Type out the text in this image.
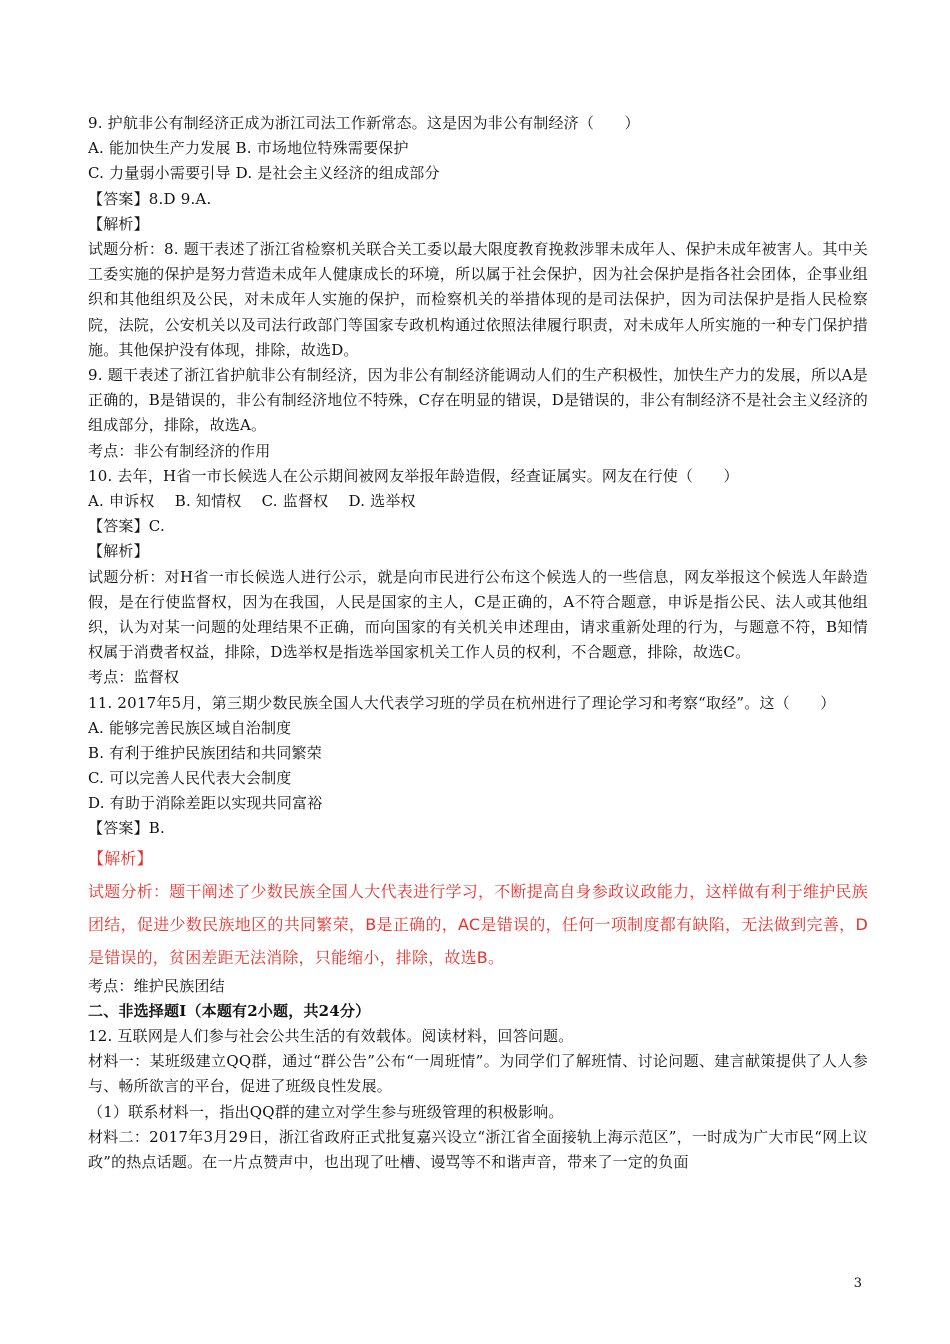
9. 护航非公有制经济正成为浙江司法工作新常态。这是因为非公有制经济（　　）
A. 能加快生产力发展 B. 市场地位特殊需要保护
C. 力量弱小需要引导 D. 是社会主义经济的组成部分
【答案】8.D 9.A.
【解析】
试题分析：8. 题干表述了浙江省检察机关联合关工委以最大限度教育挽救涉罪未成年人、保护未成年被害人。其中关工委实施的保护是努力营造未成年人健康成长的环境，所以属于社会保护，因为社会保护是指各社会团体，企事业组织和其他组织及公民，对未成年人实施的保护，而检察机关的举措体现的是司法保护，因为司法保护是指人民检察院，法院，公安机关以及司法行政部门等国家专政机构通过依照法律履行职责，对未成年人所实施的一种专门保护措施。其他保护没有体现，排除，故选D。
9. 题干表述了浙江省护航非公有制经济，因为非公有制经济能调动人们的生产积极性，加快生产力的发展，所以A是正确的，B是错误的，非公有制经济地位不特殊，C存在明显的错误，D是错误的，非公有制经济不是社会主义经济的组成部分，排除，故选A。
考点：非公有制经济的作用
10. 去年，H省一市长候选人在公示期间被网友举报年龄造假，经查证属实。网友在行使（　　）
A. 申诉权　 B. 知情权　 C. 监督权　 D. 选举权
【答案】C.
【解析】
试题分析：对H省一市长候选人进行公示，就是向市民进行公布这个候选人的一些信息，网友举报这个候选人年龄造假，是在行使监督权，因为在我国，人民是国家的主人，C是正确的，A不符合题意，申诉是指公民、法人或其他组织，认为对某一问题的处理结果不正确，而向国家的有关机关申述理由，请求重新处理的行为，与题意不符，B知情权属于消费者权益，排除，D选举权是指选举国家机关工作人员的权利，不合题意，排除，故选C。
考点：监督权
11. 2017年5月，第三期少数民族全国人大代表学习班的学员在杭州进行了理论学习和考察“取经”。这（　　）
A. 能够完善民族区域自治制度
B. 有利于维护民族团结和共同繁荣
C. 可以完善人民代表大会制度
D. 有助于消除差距以实现共同富裕
【答案】B.
【解析】
试题分析：题干阐述了少数民族全国人大代表进行学习，不断提高自身参政议政能力，这样做有利于维护民族团结，促进少数民族地区的共同繁荣，B是正确的，AC是错误的，任何一项制度都有缺陷，无法做到完善，D是错误的，贫困差距无法消除，只能缩小，排除，故选B。
考点：维护民族团结
二、非选择题Ⅰ（本题有2小题，共24分）
12. 互联网是人们参与社会公共生活的有效载体。阅读材料，回答问题。
材料一：某班级建立QQ群，通过“群公告”公布“一周班情”。为同学们了解班情、讨论问题、建言献策提供了人人参与、畅所欲言的平台，促进了班级良性发展。
（1）联系材料一，指出QQ群的建立对学生参与班级管理的积极影响。
材料二：2017年3月29日，浙江省政府正式批复嘉兴设立“浙江省全面接轨上海示范区”，一时成为广大市民“网上议政”的热点话题。在一片点赞声中，也出现了吐槽、谩骂等不和谐声音，带来了一定的负面
3
